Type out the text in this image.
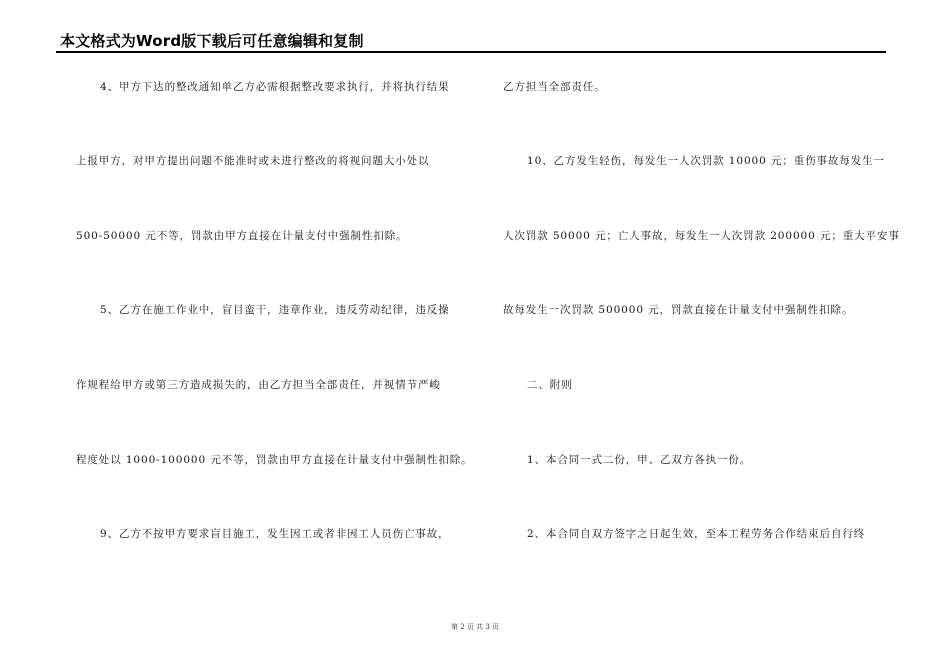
本文格式为Word版下载后可任意编辑和复制
4、甲方下达的整改通知单乙方必需根据整改要求执行，并将执行结果
上报甲方，对甲方提出问题不能准时或未进行整改的将视问题大小处以
500-50000 元不等，罚款由甲方直接在计量支付中强制性扣除。
5、乙方在施工作业中，盲目蛮干，违章作业，违反劳动纪律，违反操
作规程给甲方或第三方造成损失的，由乙方担当全部责任，并视情节严峻
程度处以 1000-100000 元不等，罚款由甲方直接在计量支付中强制性扣除。
9、乙方不按甲方要求盲目施工，发生因工或者非因工人员伤亡事故，
乙方担当全部责任。
10、乙方发生轻伤，每发生一人次罚款 10000 元；重伤事故每发生一
人次罚款 50000 元；亡人事故，每发生一人次罚款 200000 元；重大平安事
故每发生一次罚款 500000 元，罚款直接在计量支付中强制性扣除。
二、附则
1、本合同一式二份，甲、乙双方各执一份。
2、本合同自双方签字之日起生效，至本工程劳务合作结束后自行终
第 2 页 共 3 页
